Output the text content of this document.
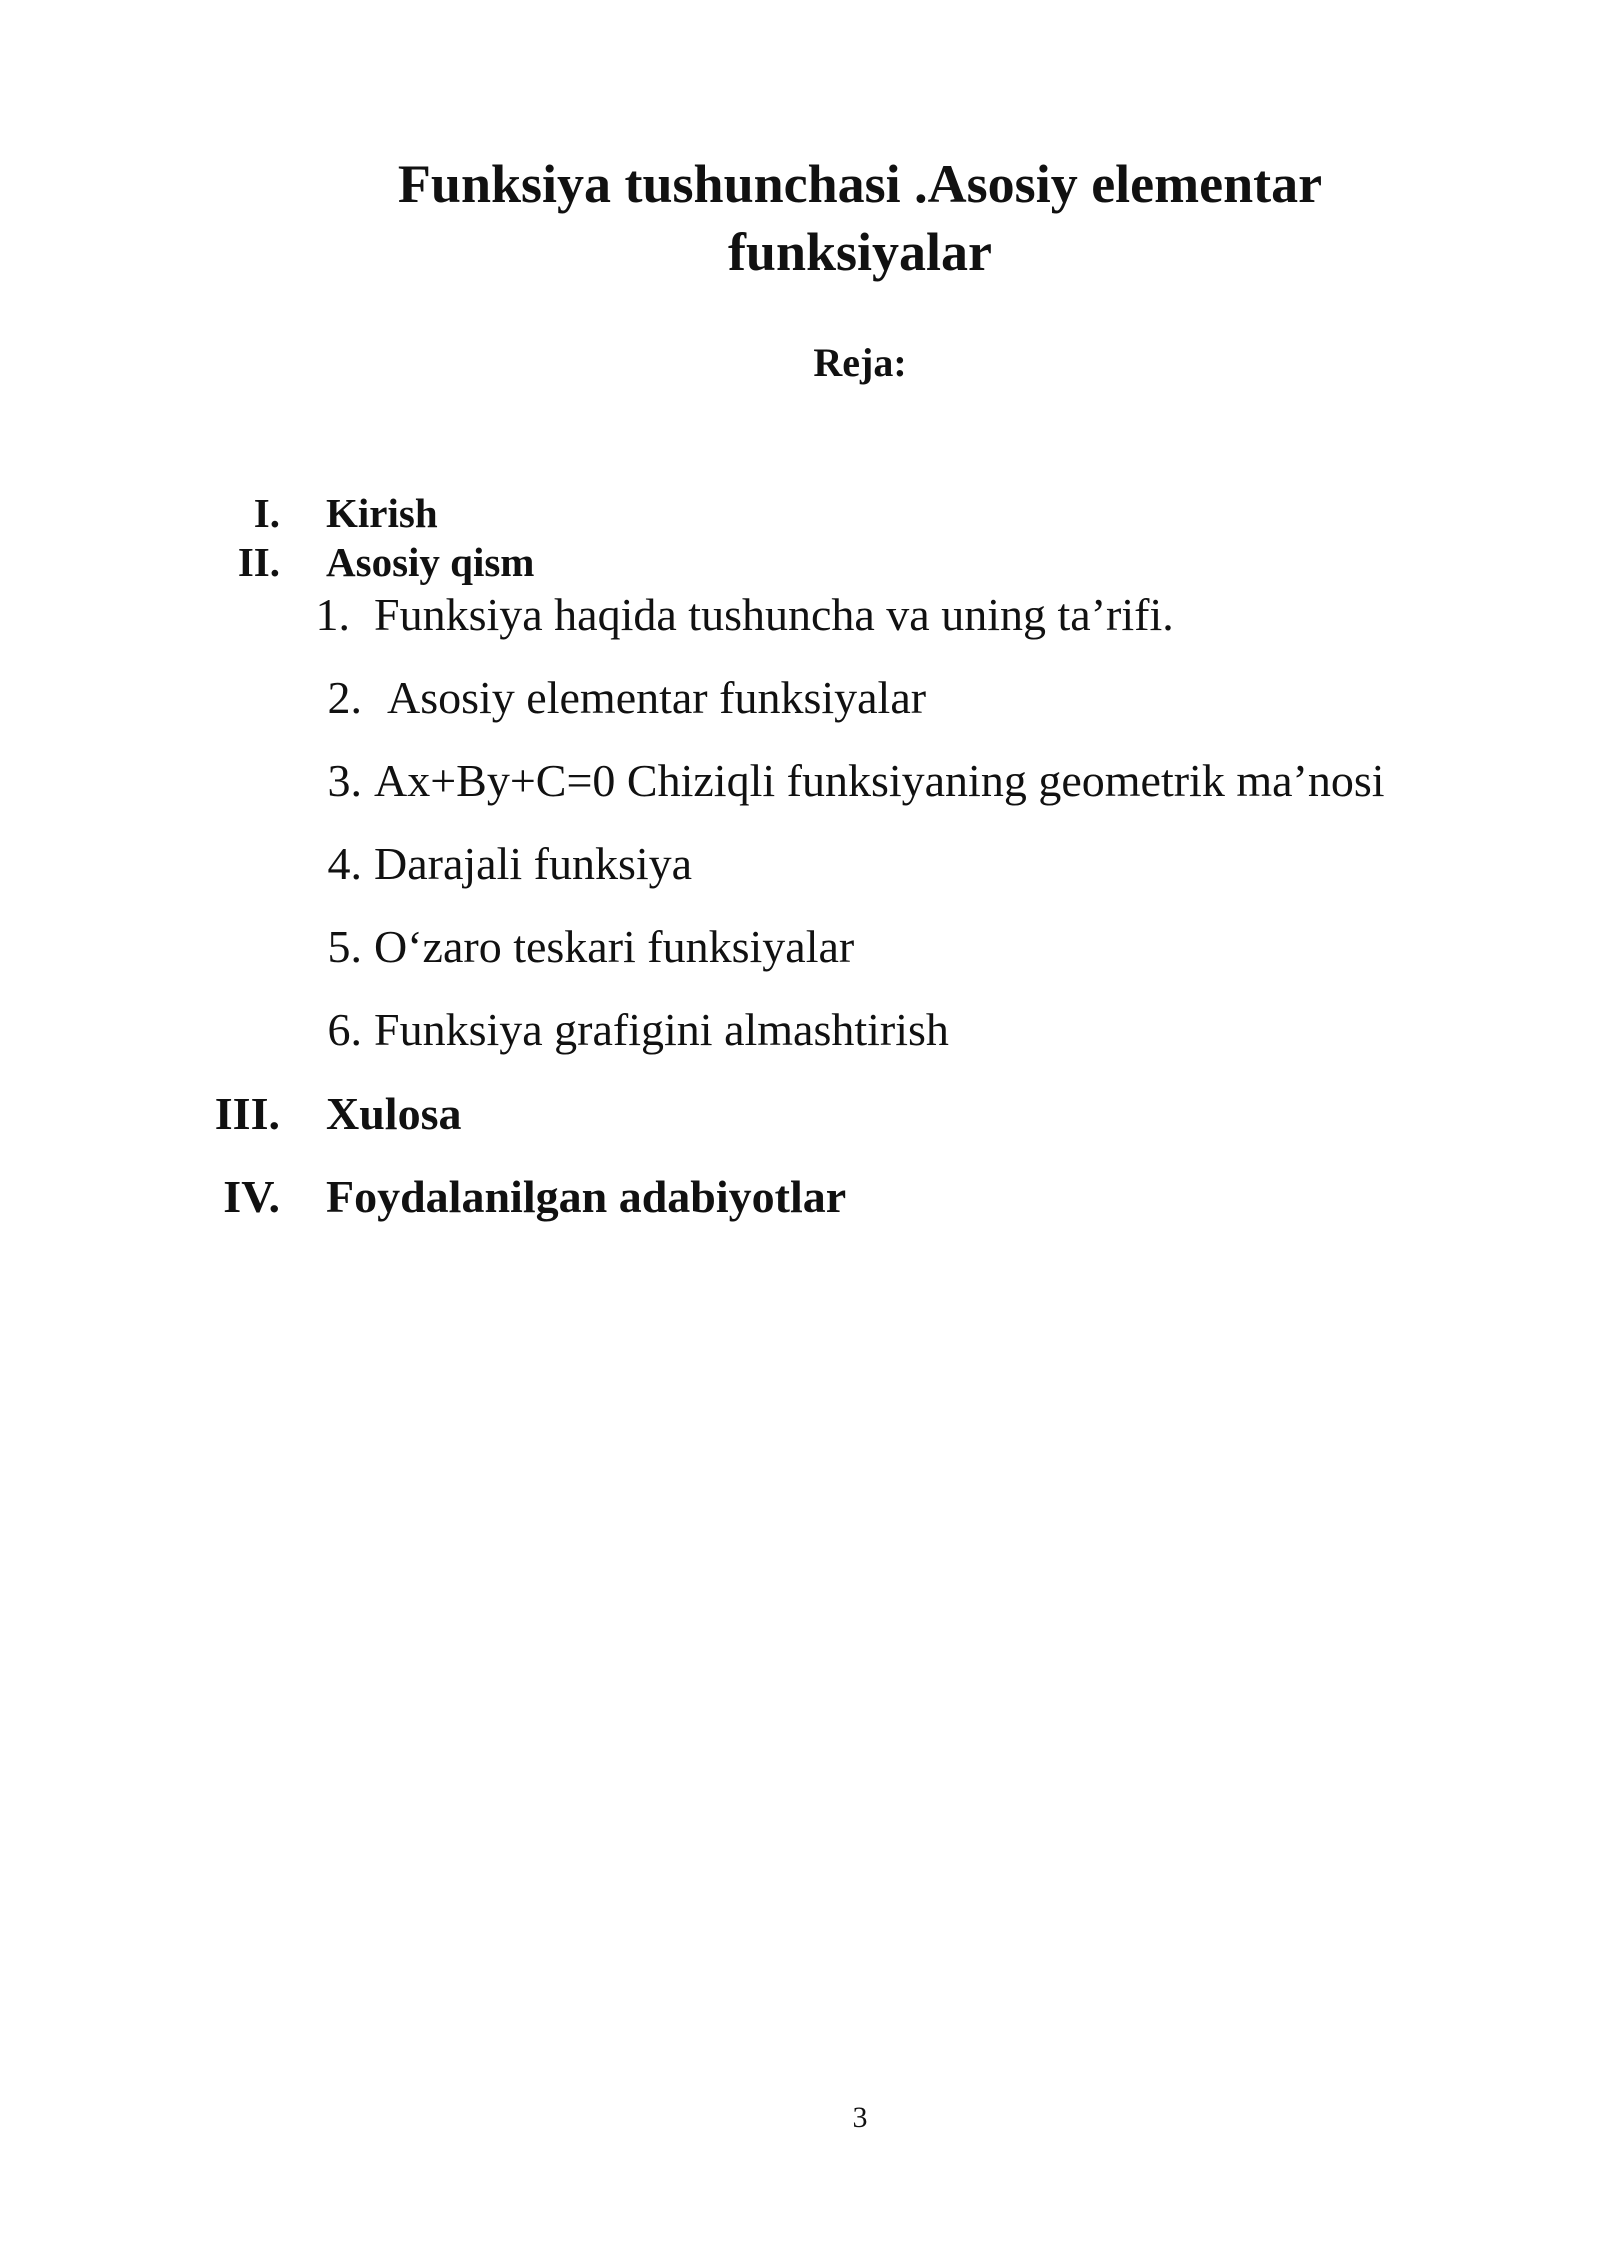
Funksiya tushunchasi .Asosiy elementar
funksiyalar
Reja:
I. Kirish
II. Asosiy qism
1. Funksiya haqida tushuncha va uning ta’rifi.
2. Asosiy elementar funksiyalar
3. Ax+By+C=0 Chiziqli funksiyaning geometrik ma’nosi
4. Darajali funksiya
5. O‘zaro teskari funksiyalar
6. Funksiya grafigini almashtirish
III. Xulosa
IV. Foydalanilgan adabiyotlar
3
